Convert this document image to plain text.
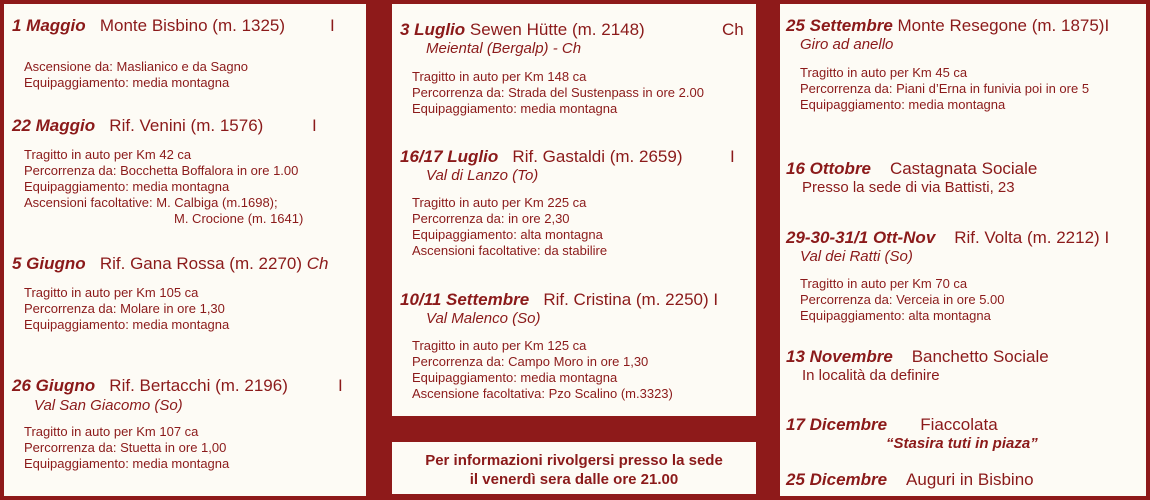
1 Maggio Monte Bisbino (m. 1325)	I
Ascensione da: Maslianico e da Sagno
Equipaggiamento: media montagna
22 Maggio Rif. Venini (m. 1576)	I
Tragitto in auto per Km 42 ca
Percorrenza da: Bocchetta Boffalora in ore 1.00
Equipaggiamento: media montagna
Ascensioni facoltative: M. Calbiga (m.1698);
M. Crocione (m. 1641)
5 Giugno Rif. Gana Rossa (m. 2270) Ch
Tragitto in auto per Km 105 ca
Percorrenza da: Molare in ore 1,30
Equipaggiamento: media montagna
26 Giugno Rif. Bertacchi (m. 2196)	I
Val San Giacomo (So)
Tragitto in auto per Km 107 ca
Percorrenza da: Stuetta in ore 1,00
Equipaggiamento: media montagna
3 Luglio Sewen Hütte (m. 2148)	Ch
Meiental (Bergalp) - Ch
Tragitto in auto per Km 148 ca
Percorrenza da: Strada del Sustenpass in ore 2.00
Equipaggiamento: media montagna
16/17 Luglio Rif. Gastaldi (m. 2659)	I
Val di Lanzo (To)
Tragitto in auto per Km 225 ca
Percorrenza da: in ore 2,30
Equipaggiamento: alta montagna
Ascensioni facoltative: da stabilire
10/11 Settembre Rif. Cristina (m. 2250) I
Val Malenco (So)
Tragitto in auto per Km 125 ca
Percorrenza da: Campo Moro in ore 1,30
Equipaggiamento: media montagna
Ascensione facoltativa: Pzo Scalino (m.3323)
Per informazioni rivolgersi presso la sede
il venerdì sera dalle ore 21.00
25 Settembre Monte Resegone (m. 1875)I
Giro ad anello
Tragitto in auto per Km 45 ca
Percorrenza da: Piani d’Erna in funivia poi in ore 5
Equipaggiamento: media montagna
16 Ottobre Castagnata Sociale
Presso la sede di via Battisti, 23
29-30-31/1 Ott-Nov Rif. Volta (m. 2212) I
Val dei Ratti (So)
Tragitto in auto per Km 70 ca
Percorrenza da: Verceia in ore 5.00
Equipaggiamento: alta montagna
13 Novembre Banchetto Sociale
In località da definire
17 Dicembre Fiaccolata
“Stasira tuti in piaza”
25 Dicembre Auguri in Bisbino
